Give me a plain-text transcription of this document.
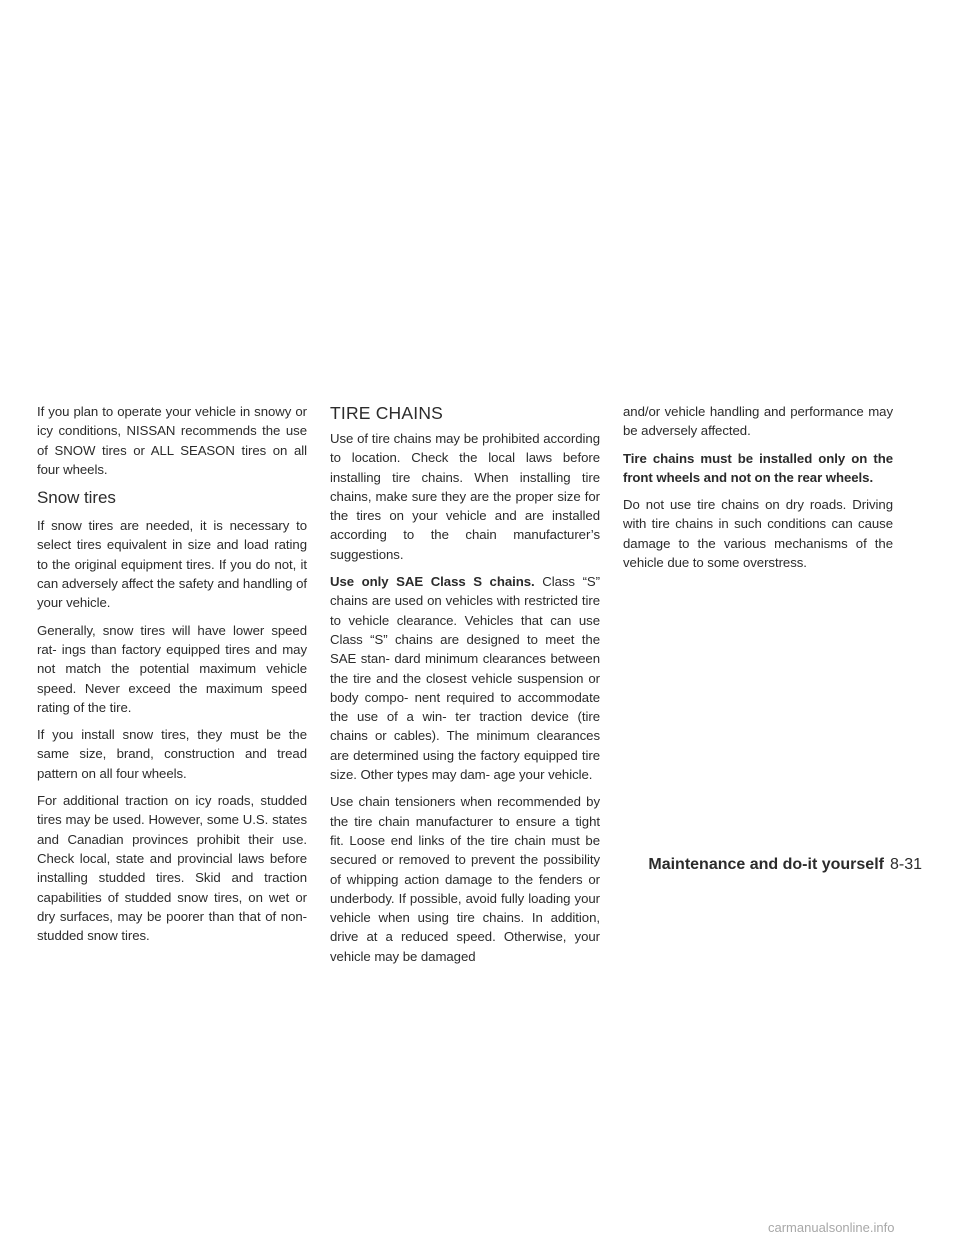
If you plan to operate your vehicle in snowy or icy conditions, NISSAN recommends the use of SNOW tires or ALL SEASON tires on all four wheels.

Snow tires

If snow tires are needed, it is necessary to select tires equivalent in size and load rating to the original equipment tires. If you do not, it can adversely affect the safety and handling of your vehicle.

Generally, snow tires will have lower speed rat- ings than factory equipped tires and may not match the potential maximum vehicle speed. Never exceed the maximum speed rating of the tire.

If you install snow tires, they must be the same size, brand, construction and tread pattern on all four wheels.

For additional traction on icy roads, studded tires may be used. However, some U.S. states and Canadian provinces prohibit their use. Check local, state and provincial laws before installing studded tires. Skid and traction capabilities of studded snow tires, on wet or dry surfaces, may be poorer than that of non-studded snow tires.

TIRE CHAINS

Use of tire chains may be prohibited according to location. Check the local laws before installing tire chains. When installing tire chains, make sure they are the proper size for the tires on your vehicle and are installed according to the chain manufacturer’s suggestions.

Use only SAE Class S chains. Class “S” chains are used on vehicles with restricted tire to vehicle clearance. Vehicles that can use Class “S” chains are designed to meet the SAE stan- dard minimum clearances between the tire and the closest vehicle suspension or body compo- nent required to accommodate the use of a win- ter traction device (tire chains or cables). The minimum clearances are determined using the factory equipped tire size. Other types may dam- age your vehicle.

Use chain tensioners when recommended by the tire chain manufacturer to ensure a tight fit. Loose end links of the tire chain must be secured or removed to prevent the possibility of whipping action damage to the fenders or underbody. If possible, avoid fully loading your vehicle when using tire chains. In addition, drive at a reduced speed. Otherwise, your vehicle may be damaged

and/or vehicle handling and performance may be adversely affected.

Tire chains must be installed only on the front wheels and not on the rear wheels.

Do not use tire chains on dry roads. Driving with tire chains in such conditions can cause damage to the various mechanisms of the vehicle due to some overstress.

Maintenance and do-it yourself 8-31
carmanualsonline.info
